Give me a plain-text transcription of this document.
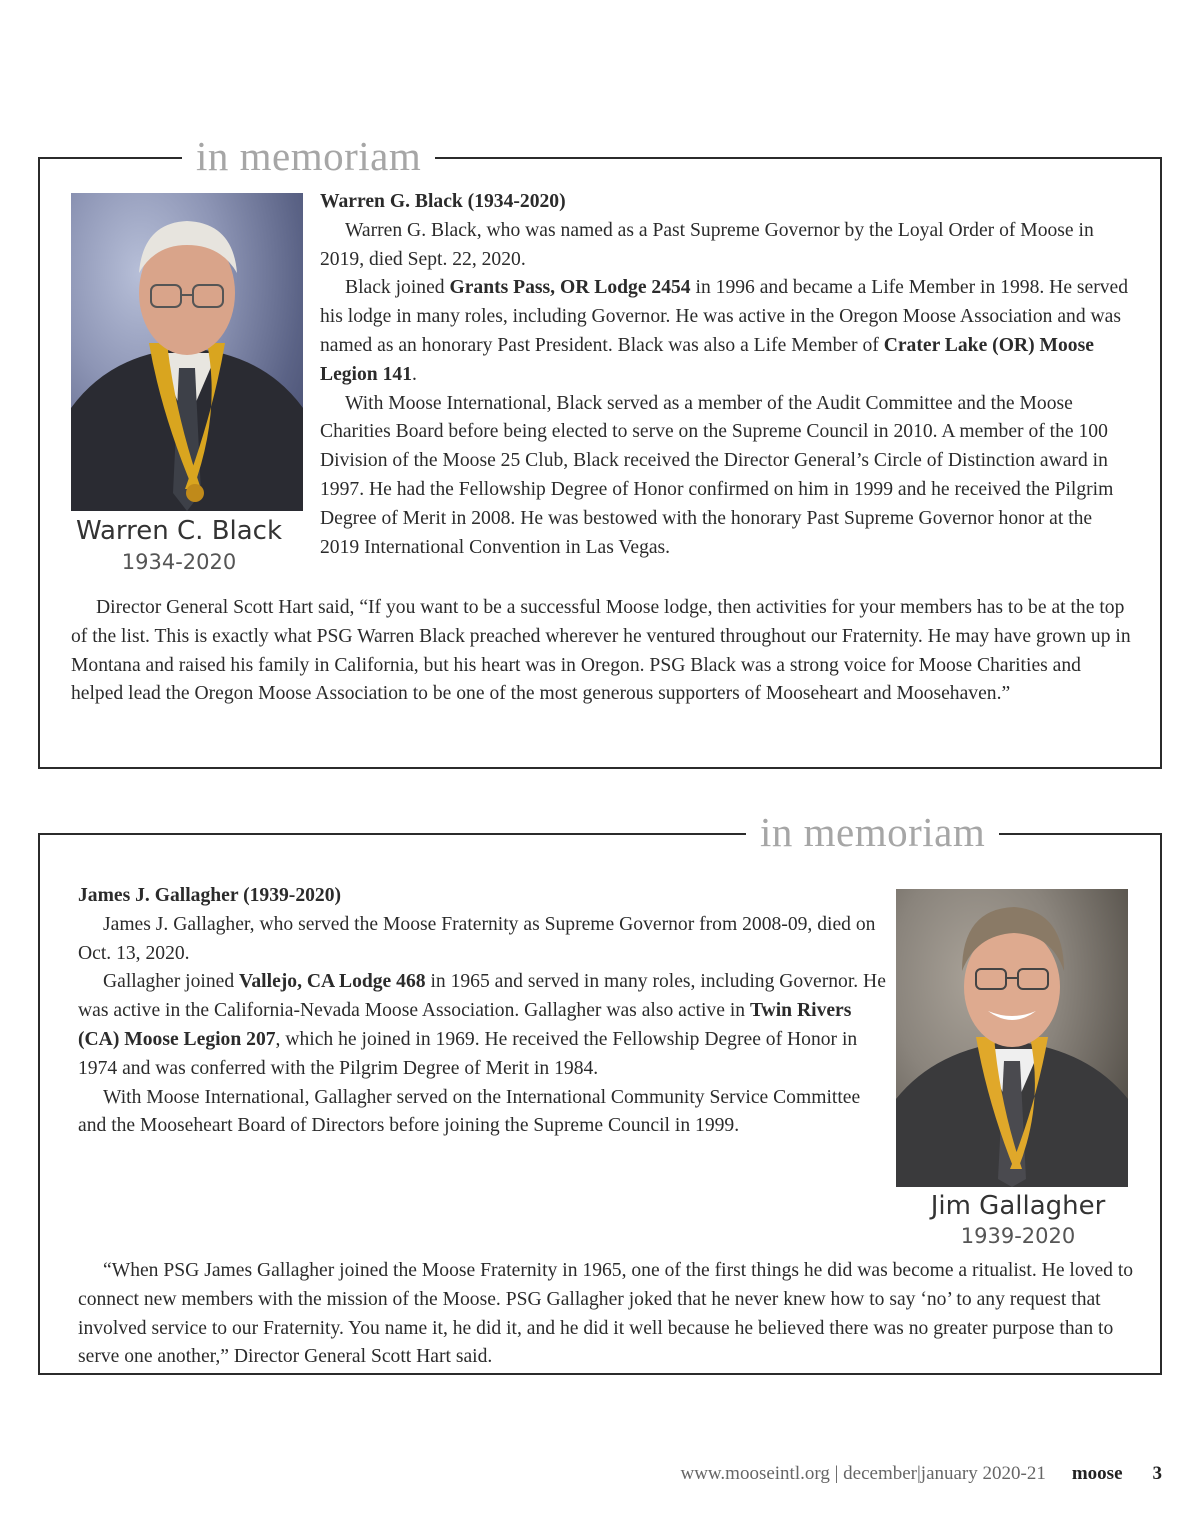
in memoriam
Warren C. Black
1934-2020

Warren G. Black (1934-2020)

Warren G. Black, who was named as a Past Supreme Governor by the Loyal Order of Moose in 2019, died Sept. 22, 2020.

Black joined Grants Pass, OR Lodge 2454 in 1996 and became a Life Member in 1998. He served his lodge in many roles, including Governor. He was active in the Oregon Moose Association and was named as an honorary Past President. Black was also a Life Member of Crater Lake (OR) Moose Legion 141.

With Moose International, Black served as a member of the Audit Committee and the Moose Charities Board before being elected to serve on the Supreme Council in 2010. A member of the 100 Division of the Moose 25 Club, Black received the Director General’s Circle of Distinction award in 1997. He had the Fellowship Degree of Honor confirmed on him in 1999 and he received the Pilgrim Degree of Merit in 2008. He was bestowed with the honorary Past Supreme Governor honor at the 2019 International Convention in Las Vegas.

Director General Scott Hart said, “If you want to be a successful Moose lodge, then activities for your members has to be at the top of the list. This is exactly what PSG Warren Black preached wherever he ventured throughout our Fraternity. He may have grown up in Montana and raised his family in California, but his heart was in Oregon. PSG Black was a strong voice for Moose Charities and helped lead the Oregon Moose Association to be one of the most generous supporters of Mooseheart and Moosehaven.”

in memoriam

James J. Gallagher (1939-2020)

James J. Gallagher, who served the Moose Fraternity as Supreme Governor from 2008-09, died on Oct. 13, 2020.

Gallagher joined Vallejo, CA Lodge 468 in 1965 and served in many roles, including Governor. He was active in the California-Nevada Moose Association. Gallagher was also active in Twin Rivers (CA) Moose Legion 207, which he joined in 1969. He received the Fellowship Degree of Honor in 1974 and was conferred with the Pilgrim Degree of Merit in 1984.

With Moose International, Gallagher served on the International Community Service Committee and the Mooseheart Board of Directors before joining the Supreme Council in 1999.

“When PSG James Gallagher joined the Moose Fraternity in 1965, one of the first things he did was become a ritualist. He loved to connect new members with the mission of the Moose. PSG Gallagher joked that he never knew how to say ‘no’ to any request that involved service to our Fraternity. You name it, he did it, and he did it well because he believed there was no greater purpose than to serve one another,” Director General Scott Hart said.

Jim Gallagher
1939-2020
www.mooseintl.org | december|january 2020-21 moose 3
